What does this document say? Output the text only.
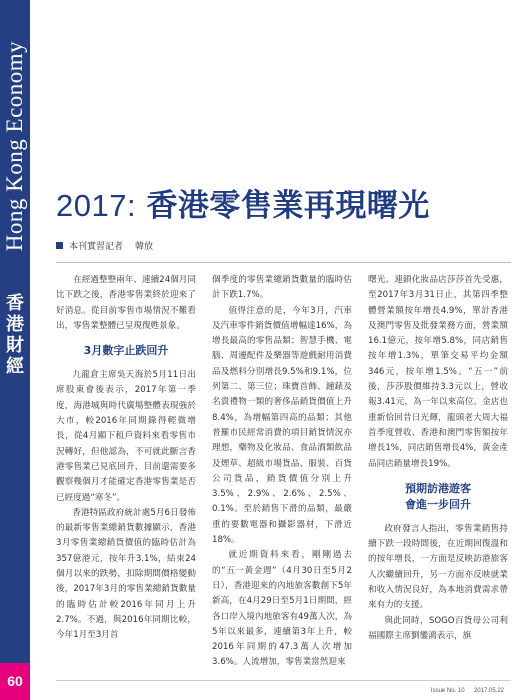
Hong Kong Economy
香
港
財
經
60
2017: 香港零售業再現曙光
本刊實習記者 韓放

　　在經過整整兩年、連續24個月同比下跌之後，香港零售業終於迎來了好消息。從目前零售市場情況不難看出，零售業整體已呈現復甦景象。

3月數字止跌回升

九龍倉主席吳天海於5月11日出席股東會後表示，2017年第一季度，海港城與時代廣場整體表現強於大市，較2016年同期錄得輕微增長，從4月顯下租戶資料來看零售市況轉好，但他認為，不可就此斷言香港零售業已見底回升，目前還需要多觀察幾個月才能確定香港零售業是否已經度過“寒冬”。

香港特區政府統計處5月6日發佈的最新零售業總銷貨數據顯示，香港3月零售業總銷貨價值的臨時估計為357億港元，按年升3.1%，結束24個月以來的跌勢，扣除期間價格變動後，2017年3月的零售業總銷貨數量的臨時估計較2016年同月上升2.7%。不過，與2016年同期比較，今年1月至3月首

個季度的零售業總銷貨數量的臨時估計下跌1.7%。

值得注意的是，今年3月，汽車及汽車零件銷貨價值增幅達16%，為增長最高的零售品類；智慧手機、電腦、周邊配件及樂器等遊戲耐用消費品及燃料分別增長9.5%和9.1%，位列第二、第三位；珠寶首飾、鐘錶及名貴禮物一類的奢侈品銷貨價值上升8.4%，為增幅第四高的品類；其他普羅市民經常消費的項目銷貨情況亦理想，藥物及化妝品、食品酒類飲品及煙草、超級市場貨品、服裝、百貨公司貨品，銷貨價值分別上升3.5%、2.9%、2.6%、2.5%、0.1%。至於銷售下滑的品類，最嚴重的要數電器和攝影器材，下滑近18%。

就近期資料來看，剛剛過去的“五一黃金週”（4月30日至5月2日），香港迎來的內地旅客數創下5年新高，在4月29日至5月1日期間，經各口岸入境內地旅客有49萬人次，為5年以來最多，連續第3年上升，較2016年同期的47.3萬人次增加3.6%。人流增加，零售業當然迎來

曙光。連鎖化妝品店莎莎首先受惠，至2017年3月31日止，其第四季整體營業額按年增長4.9%，單計香港及澳門零售及批發業務方面，營業額16.1億元，按年增5.8%，同店銷售按年增1.3%，單筆交易平均金額346元，按年增1.5%。“五一”前後，莎莎股價維持3.3元以上，營收報3.41元，為一年以來高位。金店也重新恰回昔日光輝，龍頭老大周大福首季度營收、香港和澳門零售額按年增長1%，同店銷售增長4%，黃金產品同店銷量增長19%。

預期訪港遊客
會進一步回升

政府發言人指出，零售業銷售持續下跌一段時間後，在近期回復溫和的按年增長，一方面是反映訪港旅客人次繼續回升，另一方面亦反映就業和收入情況良好，為本地消費需求帶來有力的支援。

與此同時，SOGO百貨母公司利福國際主席劉鑾鴻表示，旗

Issue No. 10 　 2017.05.22
